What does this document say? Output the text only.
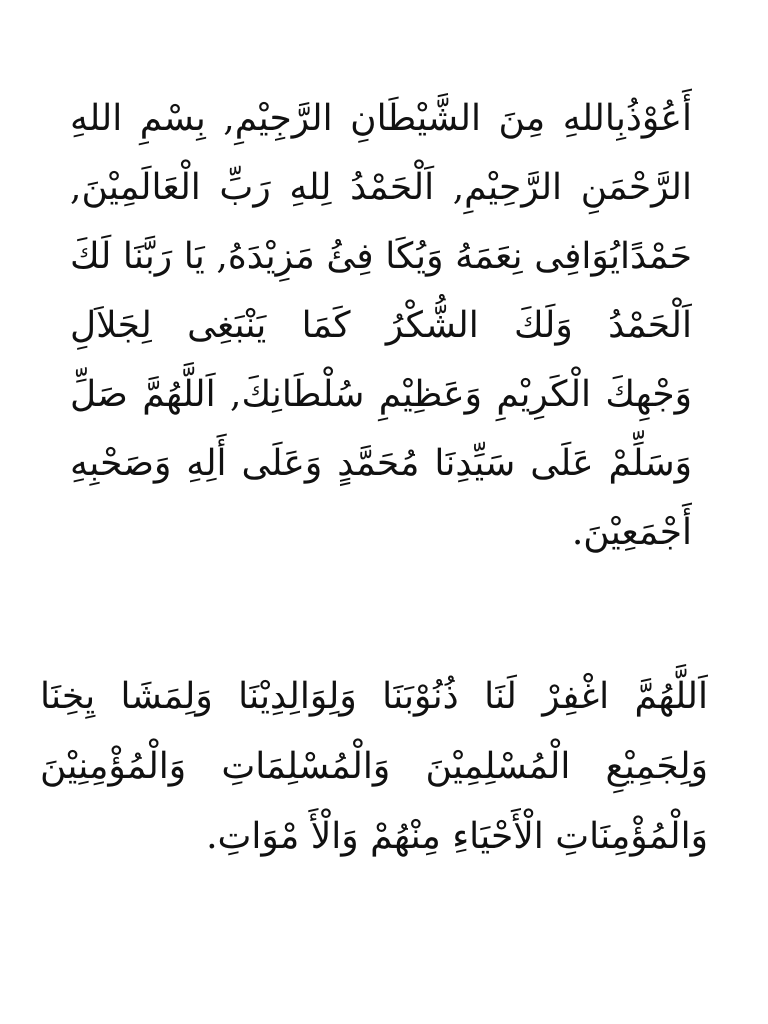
أَعُوْذُبِاللهِ مِنَ الشَّيْطَانِ الرَّجِيْمِ, بِسْمِ اللهِ
الرَّحْمَنِ الرَّحِيْمِ, اَلْحَمْدُ لِلهِ رَبِّ الْعَالَمِيْنَ,
حَمْدًايُوَافِى نِعَمَهُ وَيُكَا فِئُ مَزِيْدَهُ, يَا رَبَّنَا لَكَ
اَلْحَمْدُ وَلَكَ الشُّكْرُ كَمَا يَنْبَغِى لِجَلاَلِ
وَجْهِكَ الْكَرِيْمِ وَعَظِيْمِ سُلْطَانِكَ, اَللَّهُمَّ صَلِّ
وَسَلِّمْ عَلَى سَيِّدِنَا مُحَمَّدٍ وَعَلَى أَلِهِ وَصَحْبِهِ
أَجْمَعِيْنَ.
اَللَّهُمَّ اغْفِرْ لَنَا ذُنُوْبَنَا وَلِوَالِدِيْنَا وَلِمَشَا يِخِنَا
وَلِجَمِيْعِ الْمُسْلِمِيْنَ وَالْمُسْلِمَاتِ وَالْمُؤْمِنِيْنَ
وَالْمُؤْمِنَاتِ الْأَحْيَاءِ مِنْهُمْ وَالْأَ مْوَاتِ.
